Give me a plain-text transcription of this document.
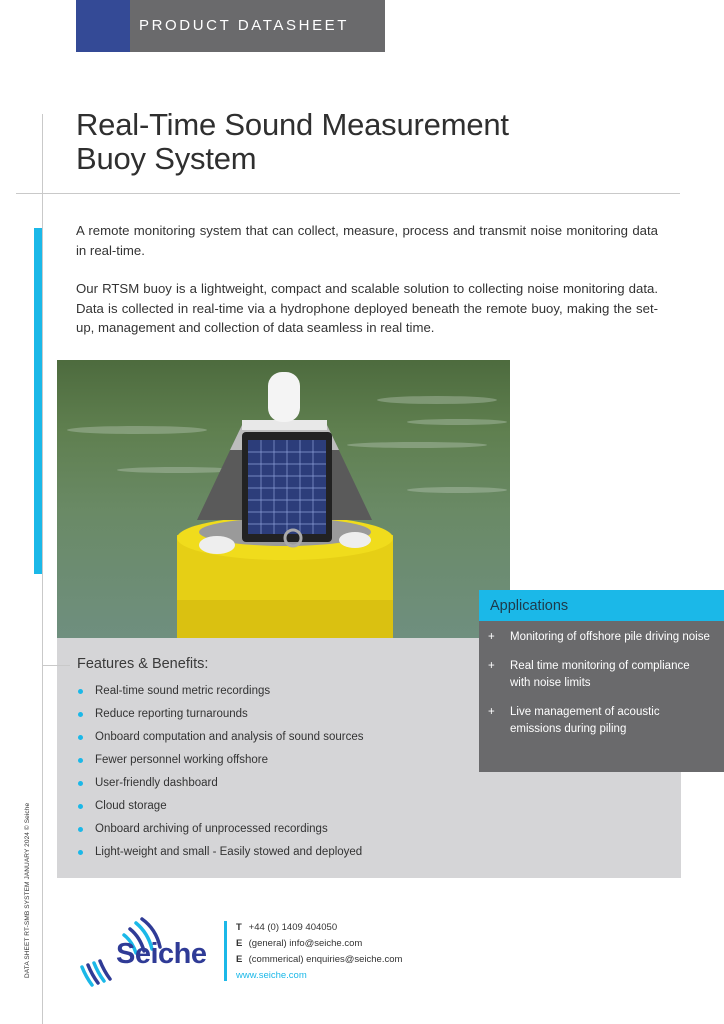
PRODUCT DATASHEET
Real-Time Sound Measurement
Buoy System

A remote monitoring system that can collect, measure, process and transmit noise monitoring data in real-time.

Our RTSM buoy is a lightweight, compact and scalable solution to collecting noise monitoring data. Data is collected in real-time via a hydrophone deployed beneath the remote buoy, making the set-up, management and collection of data seamless in real time.

Features & Benefits:
Real-time sound metric recordings
Reduce reporting turnarounds
Onboard computation and analysis of sound sources
Fewer personnel working offshore
User-friendly dashboard
Cloud storage
Onboard archiving of unprocessed recordings
Light-weight and small - Easily stowed and deployed
Applications
+ Monitoring of offshore pile driving noise
+ Real time monitoring of compliance with noise limits
+ Live management of acoustic emissions during piling
Seiche
T +44 (0) 1409 404050
E (general) info@seiche.com
E (commerical) enquiries@seiche.com
www.seiche.com
DATA SHEET RT-SMB SYSTEM JANUARY 2024 © Seiche
